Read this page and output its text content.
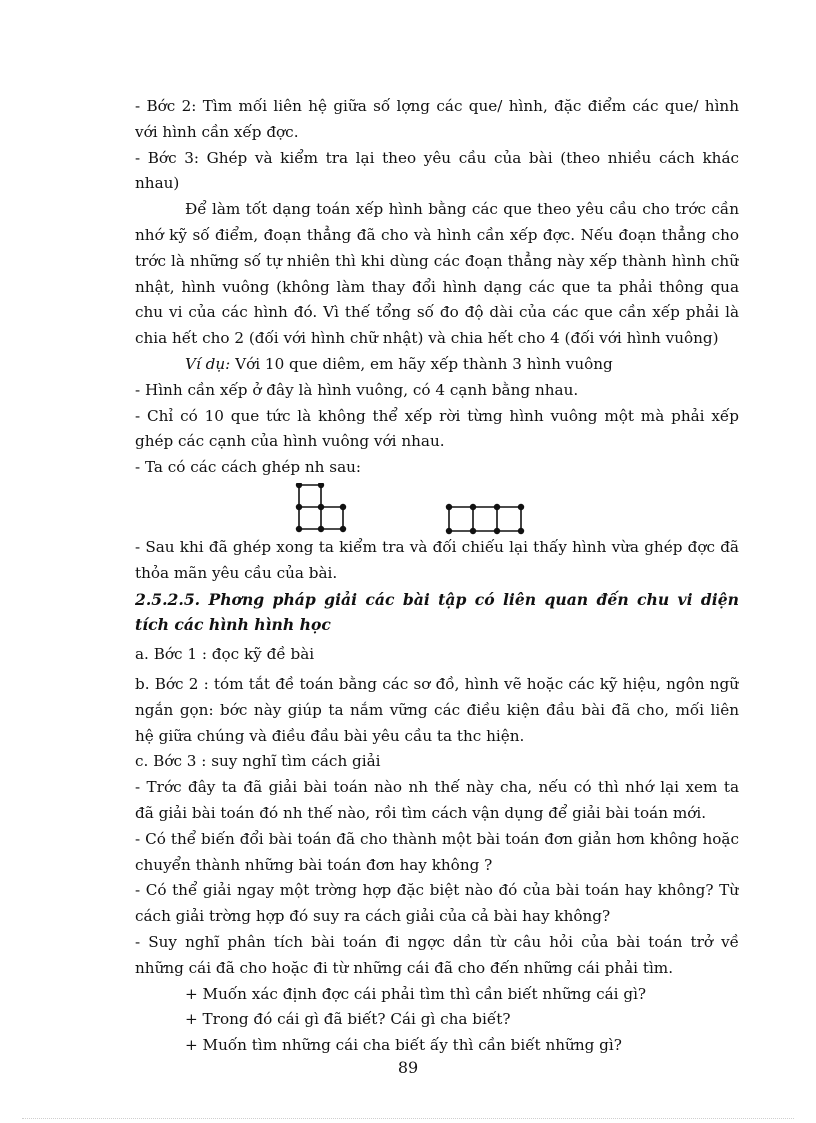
- Bớc 2: Tìm mối liên hệ giữa số lợng các que/ hình, đặc điểm các que/ hình
với hình cần xếp đợc.
- Bớc 3: Ghép và kiểm tra lại theo yêu cầu của bài (theo nhiều cách khác
nhau)
Để làm tốt dạng toán xếp hình bằng các que theo yêu cầu cho trớc cần
nhớ kỹ số điểm, đoạn thẳng đã cho và hình cần xếp đợc. Nếu đoạn thẳng cho
trớc là những số tự nhiên thì khi dùng các đoạn thẳng này xếp thành hình chữ
nhật, hình vuông (không làm thay đổi hình dạng các que ta phải thông qua
chu vi của các hình đó. Vì thế tổng số đo độ dài của các que cần xếp phải là
chia hết cho 2 (đối với hình chữ nhật) và chia hết cho 4 (đối với hình vuông)
Ví dụ: Với 10 que diêm, em hãy xếp thành 3 hình vuông
- Hình cần xếp ở đây là hình vuông, có 4 cạnh bằng nhau.
- Chỉ có 10 que tức là không thể xếp rời từng hình vuông một mà phải xếp
ghép các cạnh của hình vuông với nhau.
- Ta có các cách ghép nh sau:
- Sau khi đã ghép xong ta kiểm tra và đối chiếu lại thấy hình vừa ghép đợc đã
thỏa mãn yêu cầu của bài.
2.5.2.5. Phơng pháp giải các bài tập có liên quan đến chu vi diện
tích các hình hình học
a. Bớc 1 : đọc kỹ đề bài
b. Bớc 2 : tóm tắt đề toán bằng các sơ đồ, hình vẽ hoặc các kỹ hiệu, ngôn ngữ
ngắn gọn: bớc này giúp ta nắm vững các điều kiện đầu bài đã cho, mối liên
hệ giữa chúng và điều đầu bài yêu cầu ta thc hiện.
c. Bớc 3 : suy nghĩ tìm cách giải
- Trớc đây ta đã giải bài toán nào nh thế này cha, nếu có thì nhớ lại xem ta
đã giải bài toán đó nh thế nào, rồi tìm cách vận dụng để giải bài toán mới.
- Có thể biến đổi bài toán đã cho thành một bài toán đơn giản hơn không hoặc
chuyển thành những bài toán đơn hay không ?
- Có thể giải ngay một trờng hợp đặc biệt nào đó của bài toán hay không? Từ
cách giải trờng hợp đó suy ra cách giải của cả bài hay không?
- Suy nghĩ phân tích bài toán đi ngợc dần từ câu hỏi của bài toán trở về
những cái đã cho hoặc đi từ những cái đã cho đến những cái phải tìm.
+ Muốn xác định đợc cái phải tìm thì cần biết những cái gì?
+ Trong đó cái gì đã biết? Cái gì cha biết?
+ Muốn tìm những cái cha biết ấy thì cần biết những gì?
89
